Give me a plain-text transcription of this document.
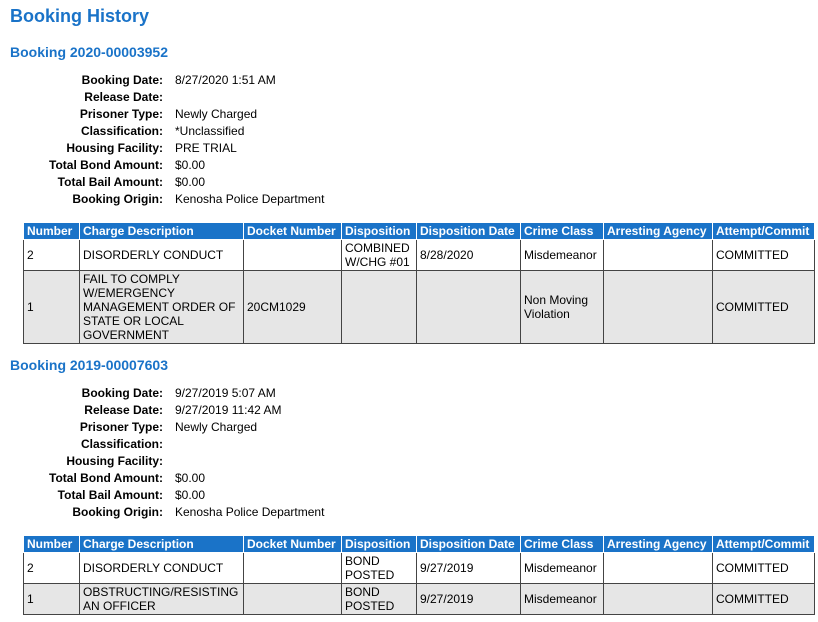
Booking History
Booking 2020-00003952
Booking Date:	8/27/2020 1:51 AM
Release Date:
Prisoner Type:	Newly Charged
Classification:	*Unclassified
Housing Facility:	PRE TRIAL
Total Bond Amount:	$0.00
Total Bail Amount:	$0.00
Booking Origin:	Kenosha Police Department
Number	Charge Description	Docket Number	Disposition	Disposition Date	Crime Class	Arresting Agency	Attempt/Commit
2	DISORDERLY CONDUCT		COMBINED W/CHG #01	8/28/2020	Misdemeanor		COMMITTED
1	FAIL TO COMPLY W/EMERGENCY MANAGEMENT ORDER OF STATE OR LOCAL GOVERNMENT	20CM1029			Non Moving Violation		COMMITTED
Booking 2019-00007603
Booking Date:	9/27/2019 5:07 AM
Release Date:	9/27/2019 11:42 AM
Prisoner Type:	Newly Charged
Classification:
Housing Facility:
Total Bond Amount:	$0.00
Total Bail Amount:	$0.00
Booking Origin:	Kenosha Police Department
Number	Charge Description	Docket Number	Disposition	Disposition Date	Crime Class	Arresting Agency	Attempt/Commit
2	DISORDERLY CONDUCT		BOND POSTED	9/27/2019	Misdemeanor		COMMITTED
1	OBSTRUCTING/RESISTING AN OFFICER		BOND POSTED	9/27/2019	Misdemeanor		COMMITTED
